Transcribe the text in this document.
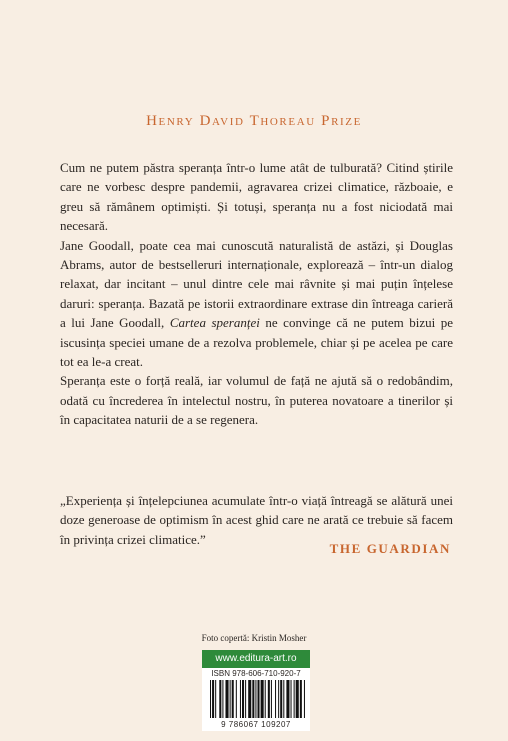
Henry David Thoreau Prize

Cum ne putem păstra speranța într-o lume atât de tulburată? Citind știrile care ne vorbesc despre pandemii, agravarea crizei climatice, războaie, e greu să rămânem optimiști. Și totuși, speranța nu a fost niciodată mai necesară.

Jane Goodall, poate cea mai cunoscută naturalistă de astăzi, și Douglas Abrams, autor de bestselleruri internaționale, explorează – într-un dialog relaxat, dar incitant – unul dintre cele mai râvnite și mai puțin înțelese daruri: speranța. Bazată pe istorii extraordinare extrase din întreaga carieră a lui Jane Goodall, Cartea speranței ne convinge că ne putem bizui pe iscusința speciei umane de a rezolva problemele, chiar și pe acelea pe care tot ea le-a creat.

Speranța este o forță reală, iar volumul de față ne ajută să o redobândim, odată cu încrederea în intelectul nostru, în puterea novatoare a tinerilor și în capacitatea naturii de a se regenera.

„Experiența și înțelepciunea acumulate într-o viață întreagă se alătură unei doze generoase de optimism în acest ghid care ne arată ce trebuie să facem în privința crizei climatice.”

THE GUARDIAN
Foto copertă: Kristin Mosher
www.editura-art.ro
ISBN 978-606-710-920-7
9 786067 109207
